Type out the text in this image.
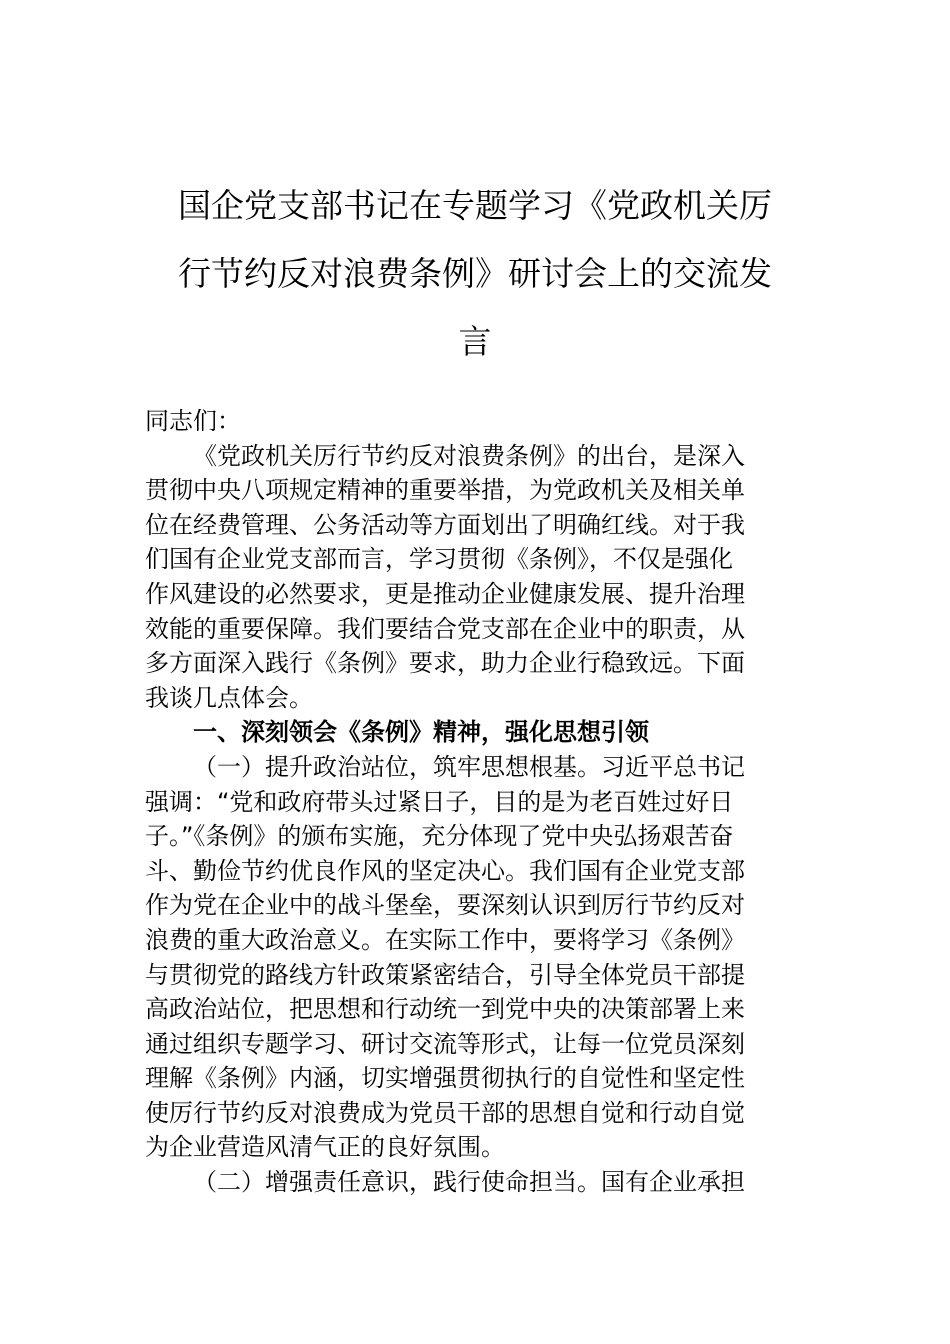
国企党支部书记在专题学习《党政机关厉
行节约反对浪费条例》研讨会上的交流发
言
同志们：
《党政机关厉行节约反对浪费条例》的出台，是深入
贯彻中央八项规定精神的重要举措，为党政机关及相关单
位在经费管理、公务活动等方面划出了明确红线。对于我
们国有企业党支部而言，学习贯彻《条例》，不仅是强化
作风建设的必然要求，更是推动企业健康发展、提升治理
效能的重要保障。我们要结合党支部在企业中的职责，从
多方面深入践行《条例》要求，助力企业行稳致远。下面
我谈几点体会。
一、深刻领会《条例》精神，强化思想引领
（一）提升政治站位，筑牢思想根基。习近平总书记
强调：“党和政府带头过紧日子，目的是为老百姓过好日
子。”《条例》的颁布实施，充分体现了党中央弘扬艰苦奋
斗、勤俭节约优良作风的坚定决心。我们国有企业党支部
作为党在企业中的战斗堡垒，要深刻认识到厉行节约反对
浪费的重大政治意义。在实际工作中，要将学习《条例》
与贯彻党的路线方针政策紧密结合，引导全体党员干部提
高政治站位，把思想和行动统一到党中央的决策部署上来
通过组织专题学习、研讨交流等形式，让每一位党员深刻
理解《条例》内涵，切实增强贯彻执行的自觉性和坚定性
使厉行节约反对浪费成为党员干部的思想自觉和行动自觉
为企业营造风清气正的良好氛围。
（二）增强责任意识，践行使命担当。国有企业承担
